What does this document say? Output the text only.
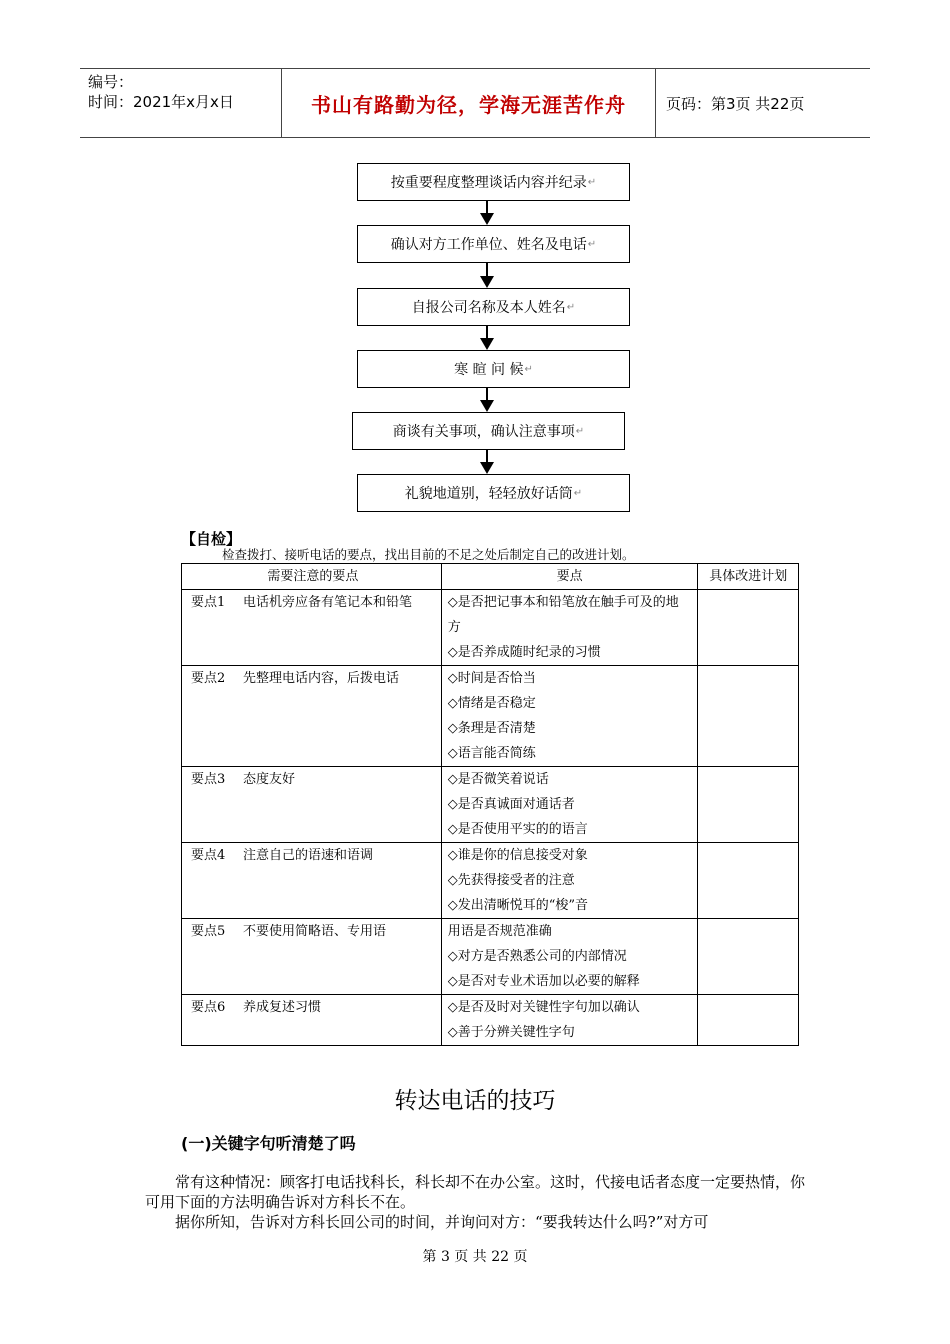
编号：
时间：2021年x月x日	书山有路勤为径，学海无涯苦作舟	页码：第3页 共22页
按重要程度整理谈话内容并纪录 ↵
确认对方工作单位、姓名及电话 ↵
自报公司名称及本人姓名 ↵
寒 暄 问 候 ↵
商谈有关事项，确认注意事项 ↵
礼貌地道别，轻轻放好话筒 ↵
【自检】
检查拨打、接听电话的要点，找出目前的不足之处后制定自己的改进计划。
需要注意的要点	要点	具体改进计划
要点1 电话机旁应备有笔记本和铅笔	◇是否把记事本和铅笔放在触手可及的地方
◇是否养成随时纪录的习惯	

要点2 先整理电话内容，后拨电话	◇时间是否恰当
◇情绪是否稳定
◇条理是否清楚
◇语言能否简练	

要点3 态度友好	◇是否微笑着说话
◇是否真诚面对通话者
◇是否使用平实的的语言	

要点4 注意自己的语速和语调	◇谁是你的信息接受对象
◇先获得接受者的注意
◇发出清晰悦耳的“梭”音	

要点5 不要使用简略语、专用语	用语是否规范准确
◇对方是否熟悉公司的内部情况
◇是否对专业术语加以必要的解释	

要点6 养成复述习惯	◇是否及时对关键性字句加以确认
◇善于分辨关键性字句	

转达电话的技巧
(一)关键字句听清楚了吗
常有这种情况：顾客打电话找科长，科长却不在办公室。这时，代接电话者态度一定要热情，你可用下面的方法明确告诉对方科长不在。
据你所知，告诉对方科长回公司的时间，并询问对方：“要我转达什么吗?”对方可
第 3 页 共 22 页
